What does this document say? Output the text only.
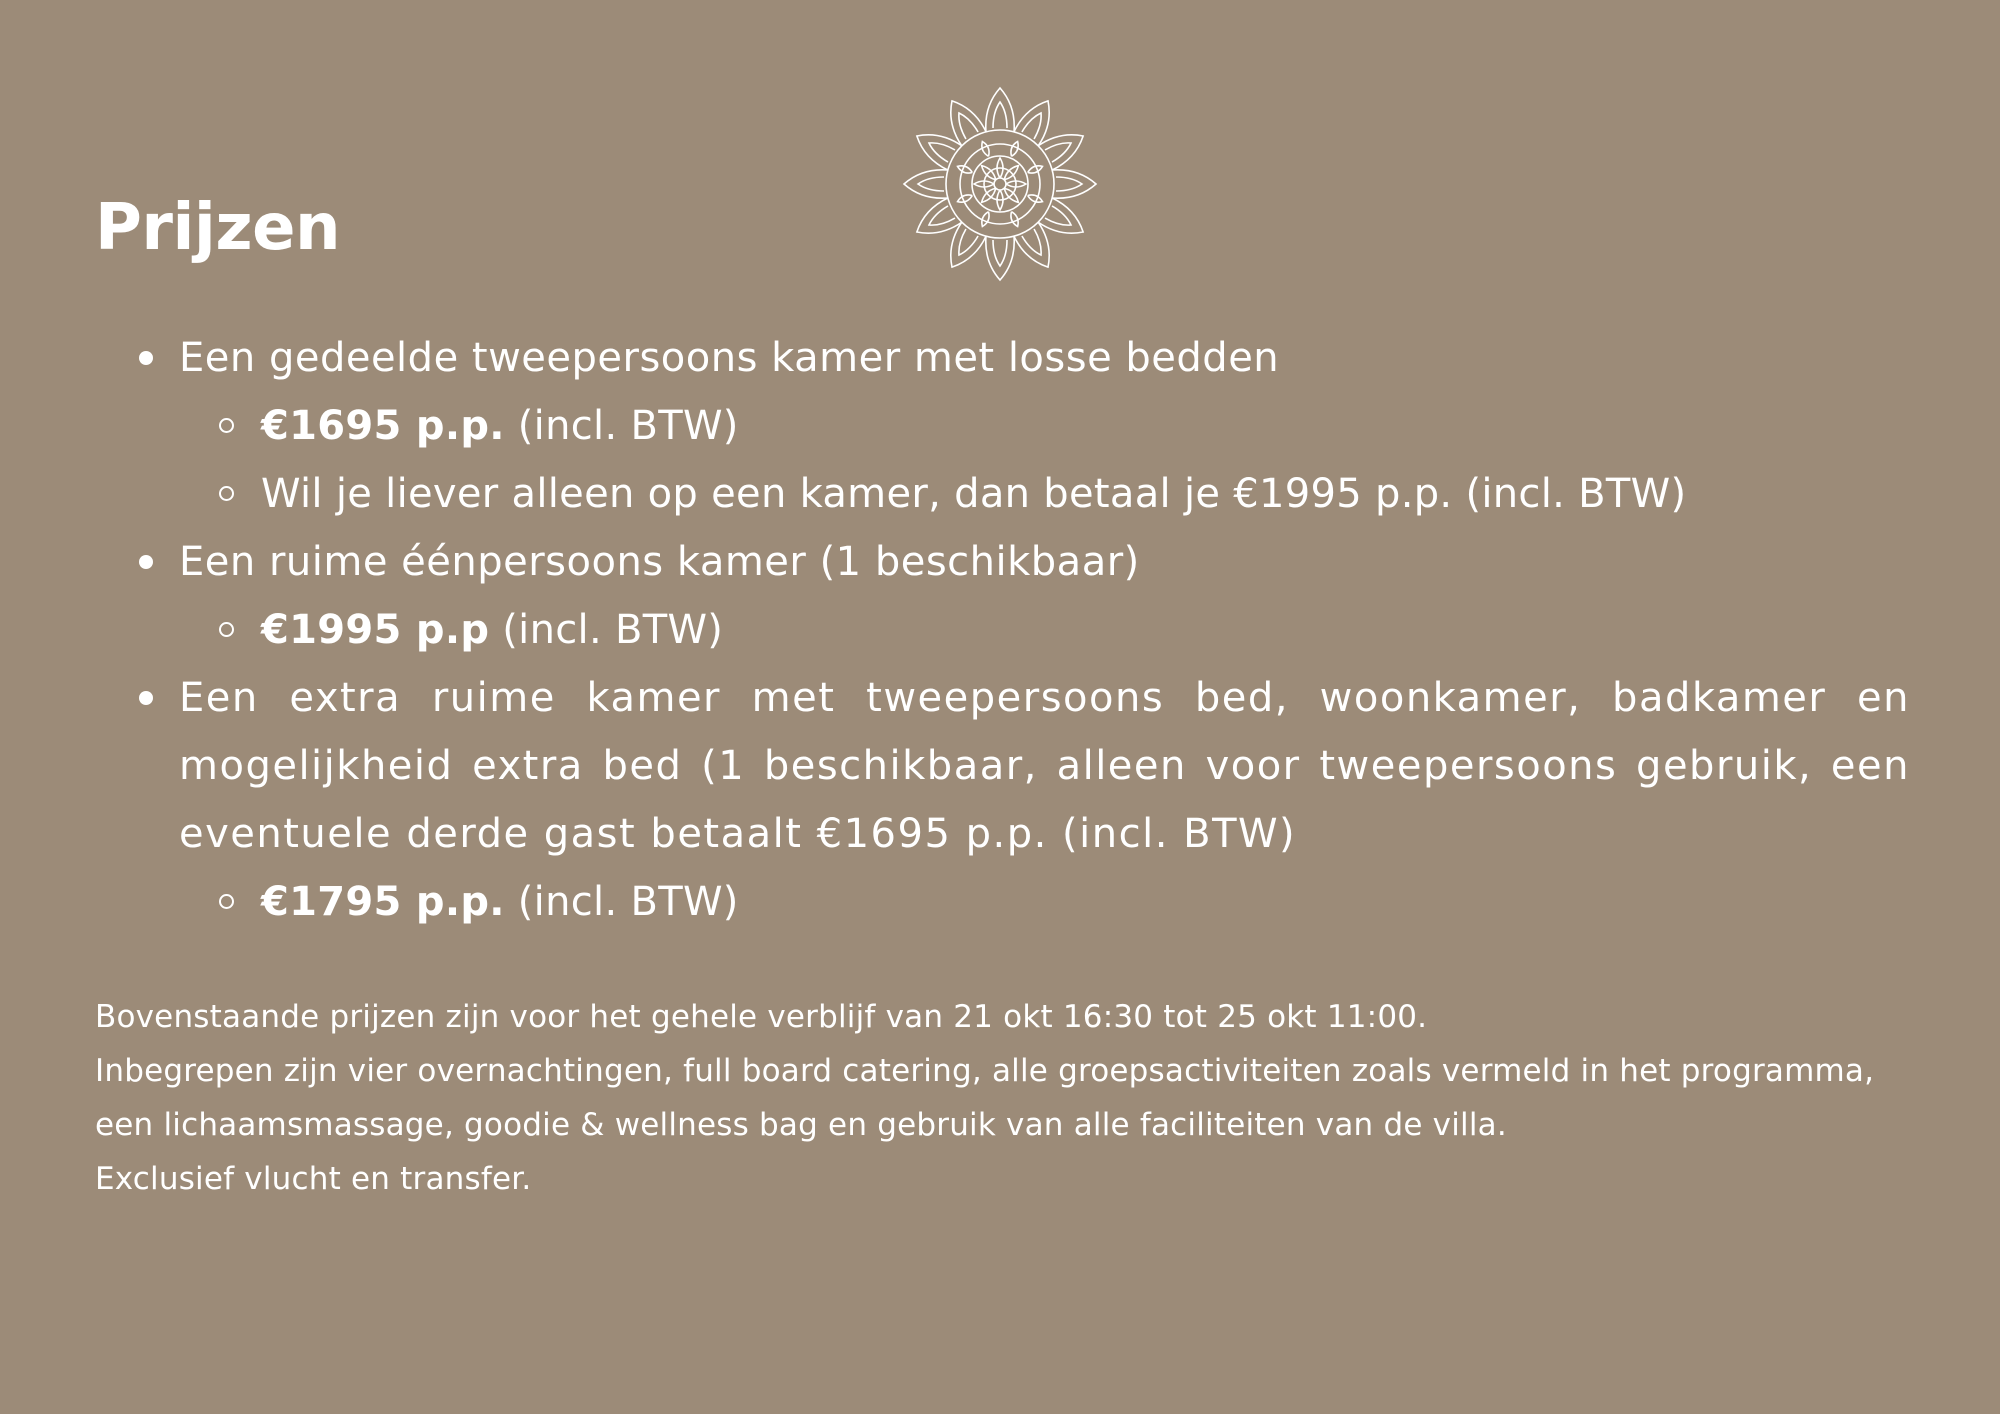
Prijzen
Een gedeelde tweepersoons kamer met losse bedden
€1695 p.p. (incl. BTW)
Wil je liever alleen op een kamer, dan betaal je €1995 p.p. (incl. BTW)
Een ruime éénpersoons kamer (1 beschikbaar)
€1995 p.p (incl. BTW)
Een extra ruime kamer met tweepersoons bed, woonkamer, badkamer en mogelijkheid extra bed (1 beschikbaar, alleen voor tweepersoons gebruik, een eventuele derde gast betaalt €1695 p.p. (incl. BTW)
€1795 p.p. (incl. BTW)

Bovenstaande prijzen zijn voor het gehele verblijf van 21 okt 16:30 tot 25 okt 11:00.

Inbegrepen zijn vier overnachtingen, full board catering, alle groepsactiviteiten zoals vermeld in het programma, een lichaamsmassage, goodie & wellness bag en gebruik van alle faciliteiten van de villa.

Exclusief vlucht en transfer.
